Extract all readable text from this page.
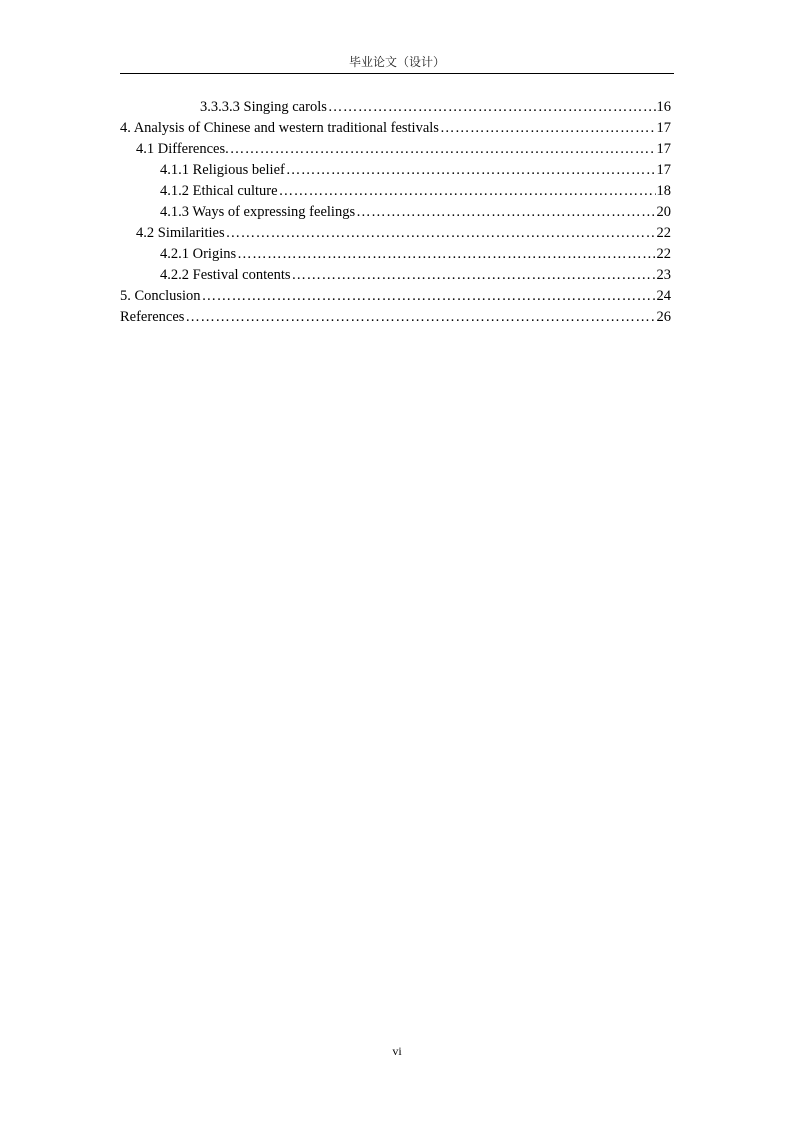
毕业论文（设计）
3.3.3.3 Singing carols ……………………………………………………………………………………………………………………………………………………………………………………………………	16
4. Analysis of Chinese and western traditional festivals ……………………………………………………………………………………………………………………………………………………………………………………………………	17
4.1 Differences. ……………………………………………………………………………………………………………………………………………………………………………………………………	17
4.1.1 Religious belief ……………………………………………………………………………………………………………………………………………………………………………………………………	17
4.1.2 Ethical culture ……………………………………………………………………………………………………………………………………………………………………………………………………	18
4.1.3 Ways of expressing feelings ……………………………………………………………………………………………………………………………………………………………………………………………………	20
4.2 Similarities ……………………………………………………………………………………………………………………………………………………………………………………………………	22
4.2.1 Origins ……………………………………………………………………………………………………………………………………………………………………………………………………	22
4.2.2 Festival contents ……………………………………………………………………………………………………………………………………………………………………………………………………	23
5. Conclusion ……………………………………………………………………………………………………………………………………………………………………………………………………	24
References ……………………………………………………………………………………………………………………………………………………………………………………………………	26
vi
